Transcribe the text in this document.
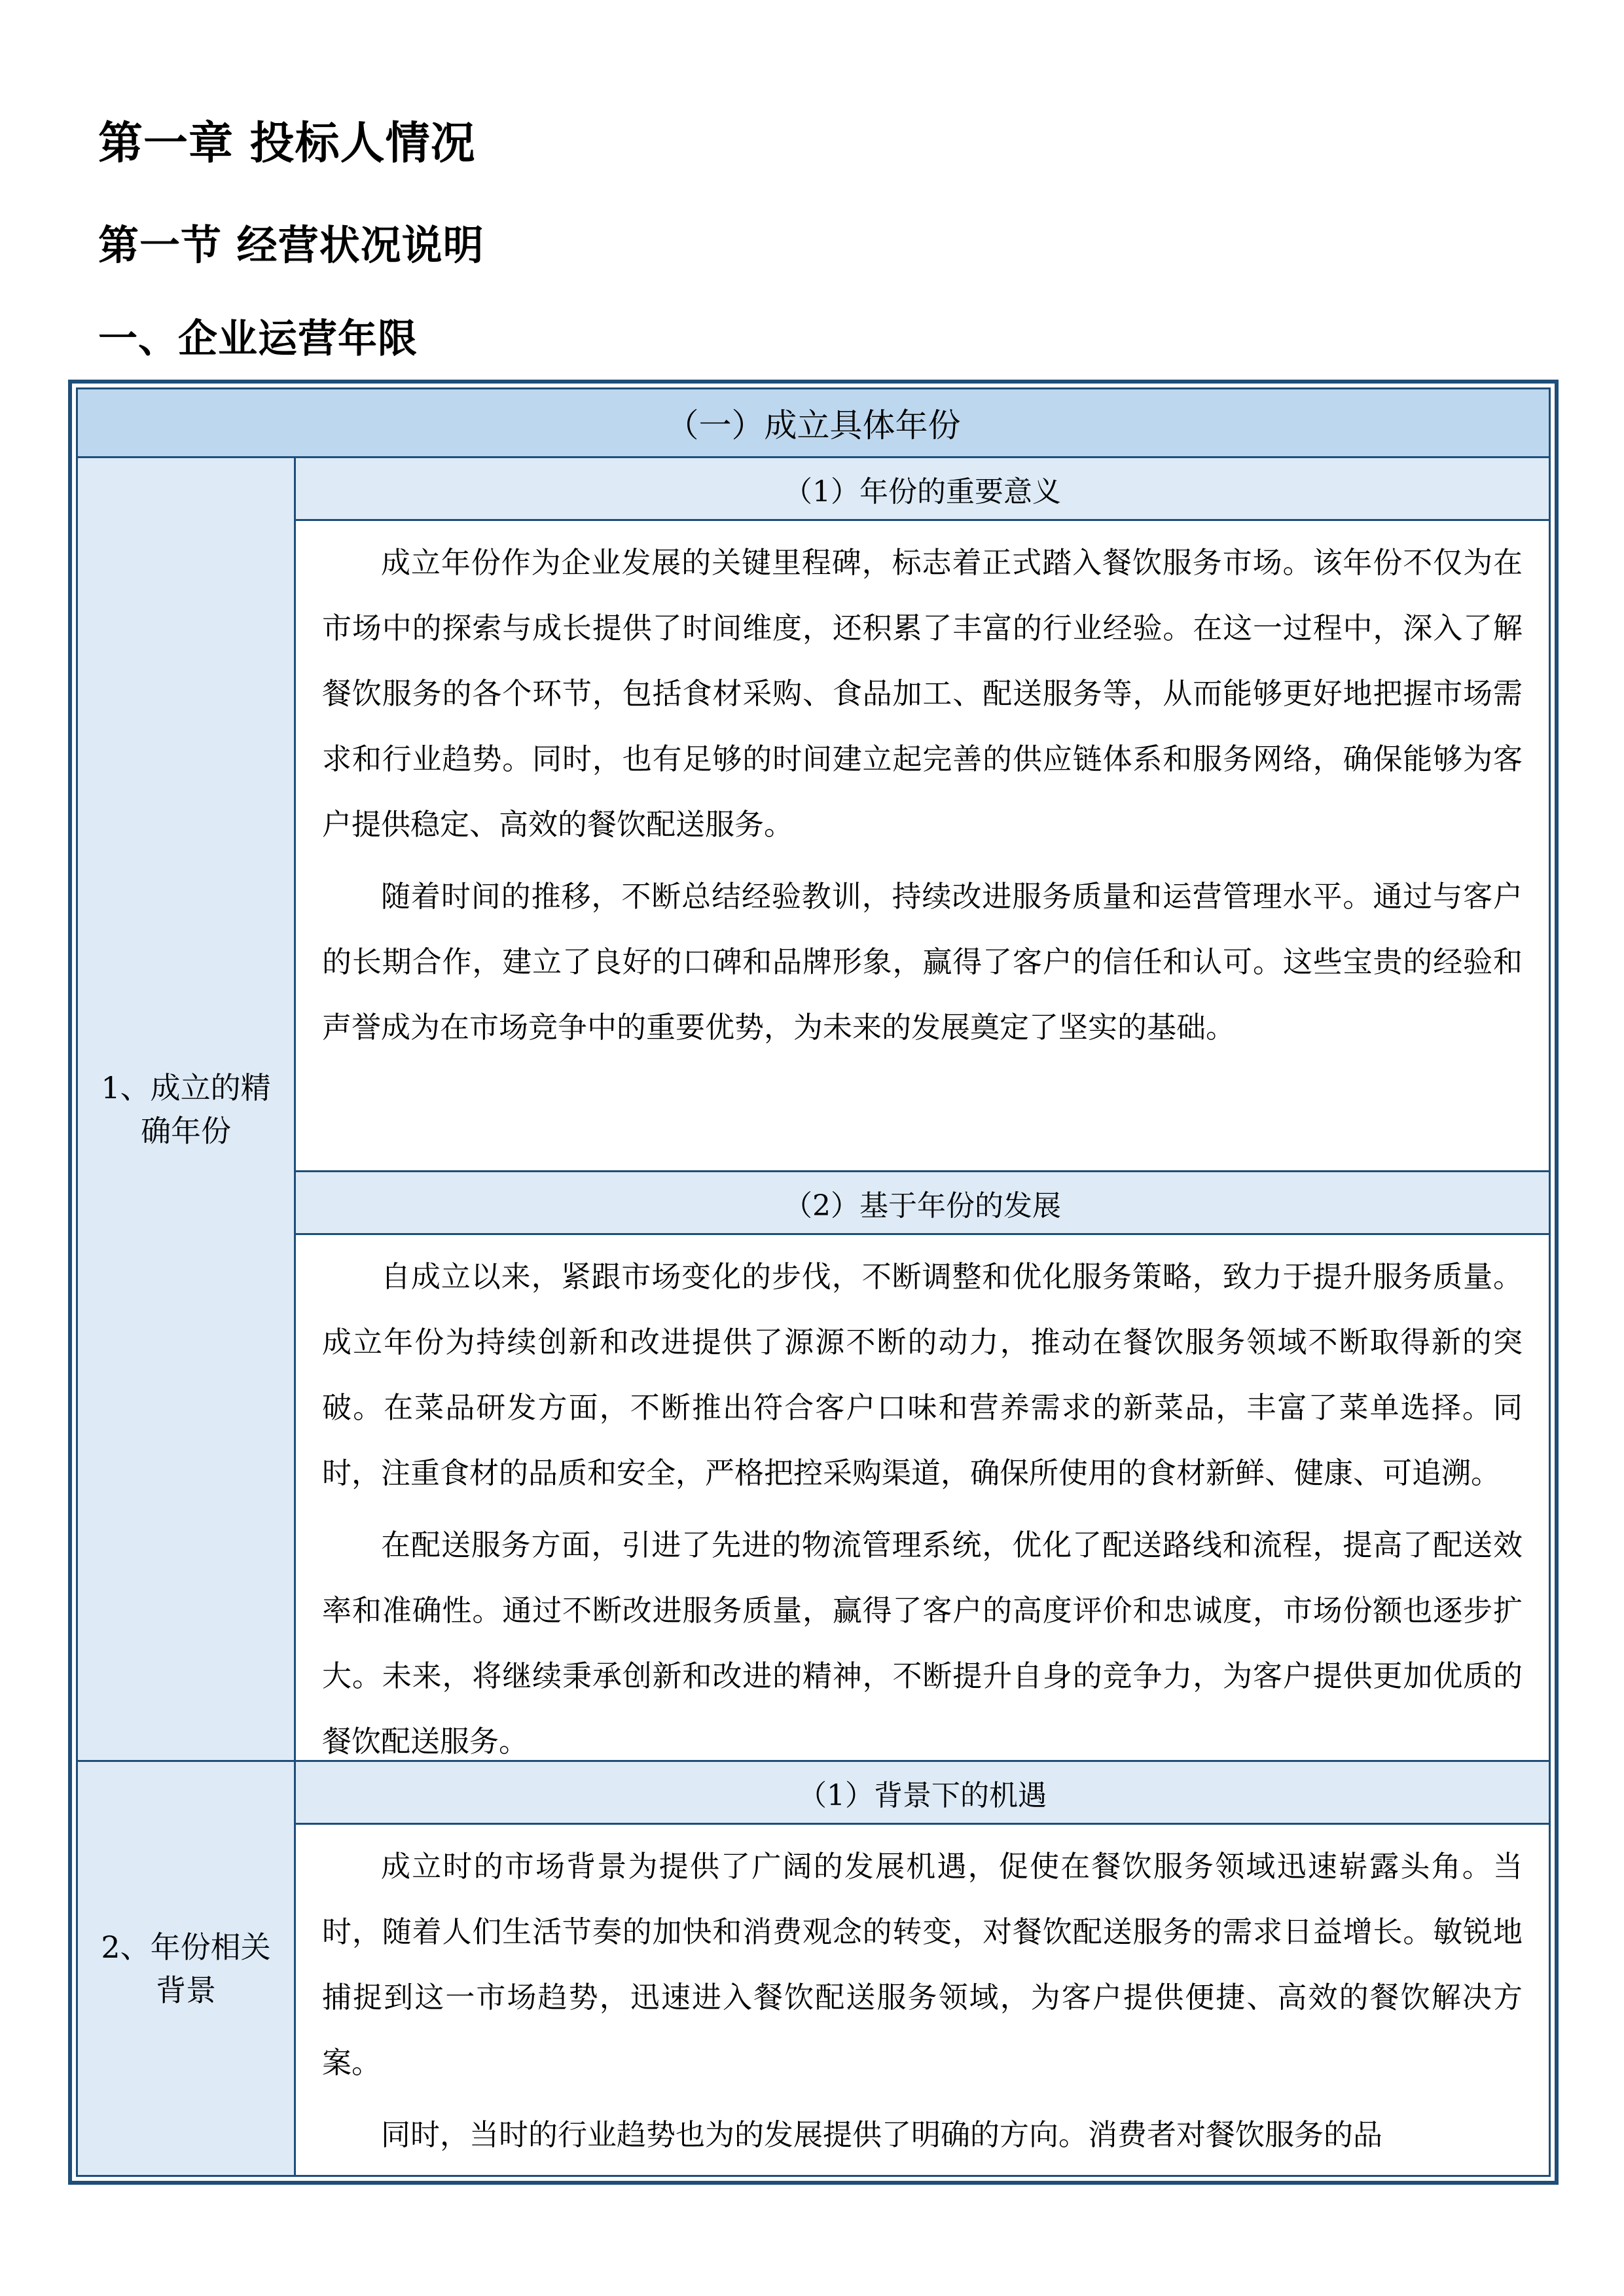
第一章 投标人情况
第一节 经营状况说明
一、企业运营年限
（一）成立具体年份
1、成立的精确年份
（1）年份的重要意义

成立年份作为企业发展的关键里程碑，标志着正式踏入餐饮服务市场。该年份不仅为在市场中的探索与成长提供了时间维度，还积累了丰富的行业经验。在这一过程中，深入了解餐饮服务的各个环节，包括食材采购、食品加工、配送服务等，从而能够更好地把握市场需求和行业趋势。同时，也有足够的时间建立起完善的供应链体系和服务网络，确保能够为客户提供稳定、高效的餐饮配送服务。

随着时间的推移，不断总结经验教训，持续改进服务质量和运营管理水平。通过与客户的长期合作，建立了良好的口碑和品牌形象，赢得了客户的信任和认可。这些宝贵的经验和声誉成为在市场竞争中的重要优势，为未来的发展奠定了坚实的基础。

（2）基于年份的发展

自成立以来，紧跟市场变化的步伐，不断调整和优化服务策略，致力于提升服务质量。成立年份为持续创新和改进提供了源源不断的动力，推动在餐饮服务领域不断取得新的突破。在菜品研发方面，不断推出符合客户口味和营养需求的新菜品，丰富了菜单选择。同时，注重食材的品质和安全，严格把控采购渠道，确保所使用的食材新鲜、健康、可追溯。

在配送服务方面，引进了先进的物流管理系统，优化了配送路线和流程，提高了配送效率和准确性。通过不断改进服务质量，赢得了客户的高度评价和忠诚度，市场份额也逐步扩大。未来，将继续秉承创新和改进的精神，不断提升自身的竞争力，为客户提供更加优质的餐饮配送服务。

2、年份相关背景
（1）背景下的机遇

成立时的市场背景为提供了广阔的发展机遇，促使在餐饮服务领域迅速崭露头角。当时，随着人们生活节奏的加快和消费观念的转变，对餐饮配送服务的需求日益增长。敏锐地捕捉到这一市场趋势，迅速进入餐饮配送服务领域，为客户提供便捷、高效的餐饮解决方案。

同时，当时的行业趋势也为的发展提供了明确的方向。消费者对餐饮服务的品
